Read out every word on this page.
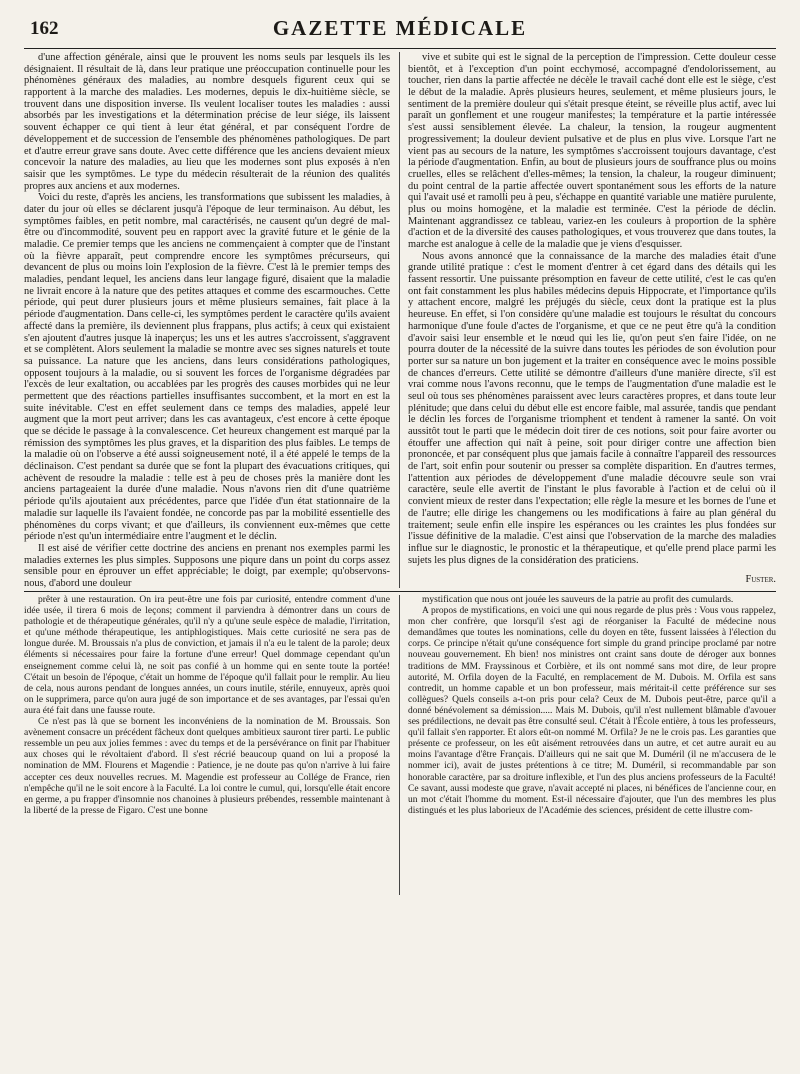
162	GAZETTE MÉDICALE

d'une affection générale, ainsi que le prouvent les noms seuls par lesquels ils les désignaient. Il résultait de là, dans leur pratique une préoccupation continuelle pour les phénomènes généraux des maladies, au nombre desquels figurent ceux qui se rapportent à la marche des maladies. Les modernes, depuis le dix-huitième siècle, se trouvent dans une disposition inverse. Ils veulent localiser toutes les maladies : aussi absorbés par les investigations et la détermination précise de leur siége, ils laissent souvent échapper ce qui tient à leur état général, et par conséquent l'ordre de développement et de succession de l'ensemble des phénomènes pathologiques. De part et d'autre erreur grave sans doute. Avec cette différence que les anciens devaient mieux concevoir la nature des maladies, au lieu que les modernes sont plus exposés à n'en saisir que les symptômes. Le type du médecin résulterait de la réunion des qualités propres aux anciens et aux modernes.

Voici du reste, d'après les anciens, les transformations que subissent les maladies, à dater du jour où elles se déclarent jusqu'à l'époque de leur terminaison. Au début, les symptômes faibles, en petit nombre, mal caractérisés, ne causent qu'un degré de mal-être ou d'incommodité, souvent peu en rapport avec la gravité future et le génie de la maladie. Ce premier temps que les anciens ne commençaient à compter que de l'instant où la fièvre apparaît, peut comprendre encore les symptômes précurseurs, qui devancent de plus ou moins loin l'explosion de la fièvre. C'est là le premier temps des maladies, pendant lequel, les anciens dans leur langage figuré, disaient que la maladie ne livrait encore à la nature que des petites attaques et comme des escarmouches. Cette période, qui peut durer plusieurs jours et même plusieurs semaines, fait place à la période d'augmentation. Dans celle-ci, les symptômes perdent le caractère qu'ils avaient affecté dans la première, ils deviennent plus frappans, plus actifs; à ceux qui existaient s'en ajoutent d'autres jusque là inaperçus; les uns et les autres s'accroissent, s'aggravent et se complètent. Alors seulement la maladie se montre avec ses signes naturels et toute sa puissance. La nature que les anciens, dans leurs considérations pathologiques, opposent toujours à la maladie, ou si souvent les forces de l'organisme dégradées par l'excès de leur exaltation, ou accablées par les progrès des causes morbides qui ne leur permettent que des réactions partielles insuffisantes succombent, et la mort en est la suite inévitable. C'est en effet seulement dans ce temps des maladies, appelé leur augment que la mort peut arriver; dans les cas avantageux, c'est encore à cette époque que se décide le passage à la convalescence. Cet heureux changement est marqué par la rémission des symptômes les plus graves, et la disparition des plus faibles. Le temps de la maladie où on l'observe a été aussi soigneusement noté, il a été appelé le temps de la déclinaison. C'est pendant sa durée que se font la plupart des évacuations critiques, qui achèvent de resoudre la maladie : telle est à peu de choses près la manière dont les anciens partageaient la durée d'une maladie. Nous n'avons rien dit d'une quatrième période qu'ils ajoutaient aux précédentes, parce que l'idée d'un état stationnaire de la maladie sur laquelle ils l'avaient fondée, ne concorde pas par la mobilité essentielle des phénomènes du corps vivant; et que d'ailleurs, ils conviennent eux-mêmes que cette période n'est qu'un intermédiaire entre l'augment et le déclin.

Il est aisé de vérifier cette doctrine des anciens en prenant nos exemples parmi les maladies externes les plus simples. Supposons une piqure dans un point du corps assez sensible pour en éprouver un effet appréciable; le doigt, par exemple; qu'observons-nous, d'abord une douleur

vive et subite qui est le signal de la perception de l'impression. Cette douleur cesse bientôt, et à l'exception d'un point ecchymosé, accompagné d'endolorissement, au toucher, rien dans la partie affectée ne décèle le travail caché dont elle est le siège, c'est le début de la maladie. Après plusieurs heures, seulement, et même plusieurs jours, le sentiment de la première douleur qui s'était presque éteint, se réveille plus actif, avec lui paraît un gonflement et une rougeur manifestes; la température et la partie intéressée s'est aussi sensiblement élevée. La chaleur, la tension, la rougeur augmentent progressivement; la douleur devient pulsative et de plus en plus vive. Lorsque l'art ne vient pas au secours de la nature, les symptômes s'accroissent toujours davantage, c'est la période d'augmentation. Enfin, au bout de plusieurs jours de souffrance plus ou moins cruelles, elles se relâchent d'elles-mêmes; la tension, la chaleur, la rougeur diminuent; du point central de la partie affectée ouvert spontanément sous les efforts de la nature qui l'avait usé et ramolli peu à peu, s'échappe en quantité variable une matière purulente, plus ou moins homogène, et la maladie est terminée. C'est la période de déclin. Maintenant aggrandissez ce tableau, variez-en les couleurs à proportion de la sphère d'action et de la diversité des causes pathologiques, et vous trouverez que dans toutes, la marche est analogue à celle de la maladie que je viens d'esquisser.

Nous avons annoncé que la connaissance de la marche des maladies était d'une grande utilité pratique : c'est le moment d'entrer à cet égard dans des détails qui les fassent ressortir. Une puissante présomption en faveur de cette utilité, c'est le cas qu'en ont fait constamment les plus habiles médecins depuis Hippocrate, et l'importance qu'ils y attachent encore, malgré les préjugés du siècle, ceux dont la pratique est la plus heureuse. En effet, si l'on considère qu'une maladie est toujours le résultat du concours harmonique d'une foule d'actes de l'organisme, et que ce ne peut être qu'à la condition d'avoir saisi leur ensemble et le nœud qui les lie, qu'on peut s'en faire l'idée, on ne pourra douter de la nécessité de la suivre dans toutes les périodes de son évolution pour porter sur sa nature un bon jugement et la traiter en conséquence avec le moins possible de chances d'erreurs. Cette utilité se démontre d'ailleurs d'une manière directe, s'il est vrai comme nous l'avons reconnu, que le temps de l'augmentation d'une maladie est le seul où tous ses phénomènes paraissent avec leurs caractères propres, et dans toute leur plénitude; que dans celui du début elle est encore faible, mal assurée, tandis que pendant le déclin les forces de l'organisme triomphent et tendent à ramener la santé. On voit aussitôt tout le parti que le médecin doit tirer de ces notions, soit pour faire avorter ou étouffer une affection qui naît à peine, soit pour diriger contre une affection bien prononcée, et par conséquent plus que jamais facile à connaître l'appareil des ressources de l'art, soit enfin pour soutenir ou presser sa complète disparition. En d'autres termes, l'attention aux périodes de développement d'une maladie découvre seule son vrai caractère, seule elle avertit de l'instant le plus favorable à l'action et de celui où il convient mieux de rester dans l'expectation; elle règle la mesure et les bornes de l'une et de l'autre; elle dirige les changemens ou les modifications à faire au plan général du traitement; seule enfin elle inspire les espérances ou les craintes les plus fondées sur l'issue définitive de la maladie. C'est ainsi que l'observation de la marche des maladies influe sur le diagnostic, le pronostic et la thérapeutique, et qu'elle prend place parmi les sujets les plus dignes de la considération des praticiens.

Fuster.

prêter à une restauration. On ira peut-être une fois par curiosité, entendre comment d'une idée usée, il tirera 6 mois de leçons; comment il parviendra à démontrer dans un cours de pathologie et de thérapeutique générales, qu'il n'y a qu'une seule espèce de maladie, l'irritation, et qu'une méthode thérapeutique, les antiphlogistiques. Mais cette curiosité ne sera pas de longue durée. M. Broussais n'a plus de conviction, et jamais il n'a eu le talent de la parole; deux éléments si nécessaires pour faire la fortune d'une erreur! Quel dommage cependant qu'un enseignement comme celui là, ne soit pas confié à un homme qui en sente toute la portée! C'était un besoin de l'époque, c'était un homme de l'époque qu'il fallait pour le remplir. Au lieu de cela, nous aurons pendant de longues années, un cours inutile, stérile, ennuyeux, après quoi on le supprimera, parce qu'on aura jugé de son importance et de ses avantages, par l'essai qu'en aura été fait dans une fausse route.

Ce n'est pas là que se bornent les inconvéniens de la nomination de M. Broussais. Son avènement consacre un précédent fâcheux dont quelques ambitieux sauront tirer parti. Le public ressemble un peu aux jolies femmes : avec du temps et de la persévérance on finit par l'habituer aux choses qui le révoltaient d'abord. Il s'est récrié beaucoup quand on lui a proposé la nomination de MM. Flourens et Magendie : Patience, je ne doute pas qu'on n'arrive à lui faire accepter ces deux nouvelles recrues. M. Magendie est professeur au Collége de France, rien n'empêche qu'il ne le soit encore à la Faculté. La loi contre le cumul, qui, lorsqu'elle était encore en germe, a pu frapper d'insomnie nos chanoines à plusieurs prébendes, ressemble maintenant à la liberté de la presse de Figaro. C'est une bonne

mystification que nous ont jouée les sauveurs de la patrie au profit des cumulards.

A propos de mystifications, en voici une qui nous regarde de plus près : Vous vous rappelez, mon cher confrère, que lorsqu'il s'est agi de réorganiser la Faculté de médecine nous demandâmes que toutes les nominations, celle du doyen en tête, fussent laissées à l'élection du corps. Ce principe n'était qu'une conséquence fort simple du grand principe proclamé par notre nouveau gouvernement. Eh bien! nos ministres ont craint sans doute de déroger aux bonnes traditions de MM. Frayssinous et Corbière, et ils ont nommé sans mot dire, de leur propre autorité, M. Orfila doyen de la Faculté, en remplacement de M. Dubois. M. Orfila est sans contredit, un homme capable et un bon professeur, mais méritait-il cette préférence sur ses collègues? Quels conseils a-t-on pris pour cela? Ceux de M. Dubois peut-être, parce qu'il a donné bénévolement sa démission..... Mais M. Dubois, qu'il n'est nullement blâmable d'avouer ses prédilections, ne devait pas être consulté seul. C'était à l'École entière, à tous les professeurs, qu'il fallait s'en rapporter. Et alors eût-on nommé M. Orfila? Je ne le crois pas. Les garanties que présente ce professeur, on les eût aisément retrouvées dans un autre, et cet autre aurait eu au moins l'avantage d'être Français. D'ailleurs qui ne sait que M. Duméril (il ne m'accusera de le nommer ici), avait de justes prétentions à ce titre; M. Duméril, si recommandable par son honorable caractère, par sa droiture inflexible, et l'un des plus anciens professeurs de la Faculté! Ce savant, aussi modeste que grave, n'avait accepté ni places, ni bénéfices de l'ancienne cour, en un mot c'était l'homme du moment. Est-il nécessaire d'ajouter, que l'un des membres les plus distingués et les plus laborieux de l'Académie des sciences, président de cette illustre com-
